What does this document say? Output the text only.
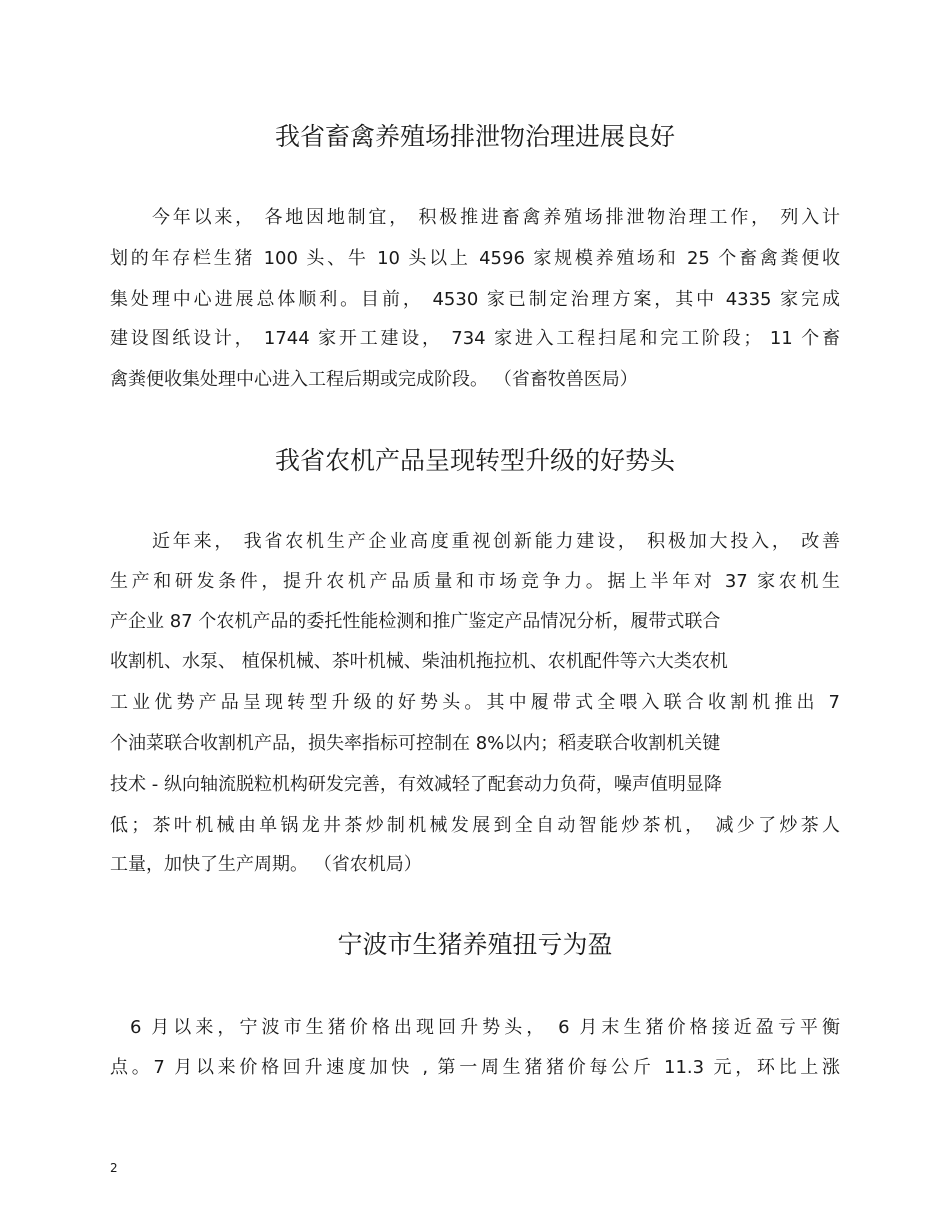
我省畜禽养殖场排泄物治理进展良好

今年以来， 各地因地制宜， 积极推进畜禽养殖场排泄物治理工作， 列入计

划的年存栏生猪 100 头、牛 10 头以上 4596 家规模养殖场和 25 个畜禽粪便收

集处理中心进展总体顺利。目前， 4530 家已制定治理方案，其中 4335 家完成

建设图纸设计， 1744 家开工建设， 734 家进入工程扫尾和完工阶段； 11 个畜

禽粪便收集处理中心进入工程后期或完成阶段。 （省畜牧兽医局）

我省农机产品呈现转型升级的好势头

近年来， 我省农机生产企业高度重视创新能力建设， 积极加大投入， 改善

生产和研发条件，提升农机产品质量和市场竞争力。据上半年对 37 家农机生

产企业 87 个农机产品的委托性能检测和推广鉴定产品情况分析，履带式联合

收割机、水泵、 植保机械、茶叶机械、柴油机拖拉机、农机配件等六大类农机

工业优势产品呈现转型升级的好势头。其中履带式全喂入联合收割机推出 7

个油菜联合收割机产品，损失率指标可控制在 8%以内；稻麦联合收割机关键

技术 - 纵向轴流脱粒机构研发完善，有效减轻了配套动力负荷，噪声值明显降

低；茶叶机械由单锅龙井茶炒制机械发展到全自动智能炒茶机， 减少了炒茶人

工量，加快了生产周期。 （省农机局）

宁波市生猪养殖扭亏为盈

6 月以来，宁波市生猪价格出现回升势头， 6 月末生猪价格接近盈亏平衡

点。7 月以来价格回升速度加快 , 第一周生猪猪价每公斤 11.3 元，环比上涨

2
